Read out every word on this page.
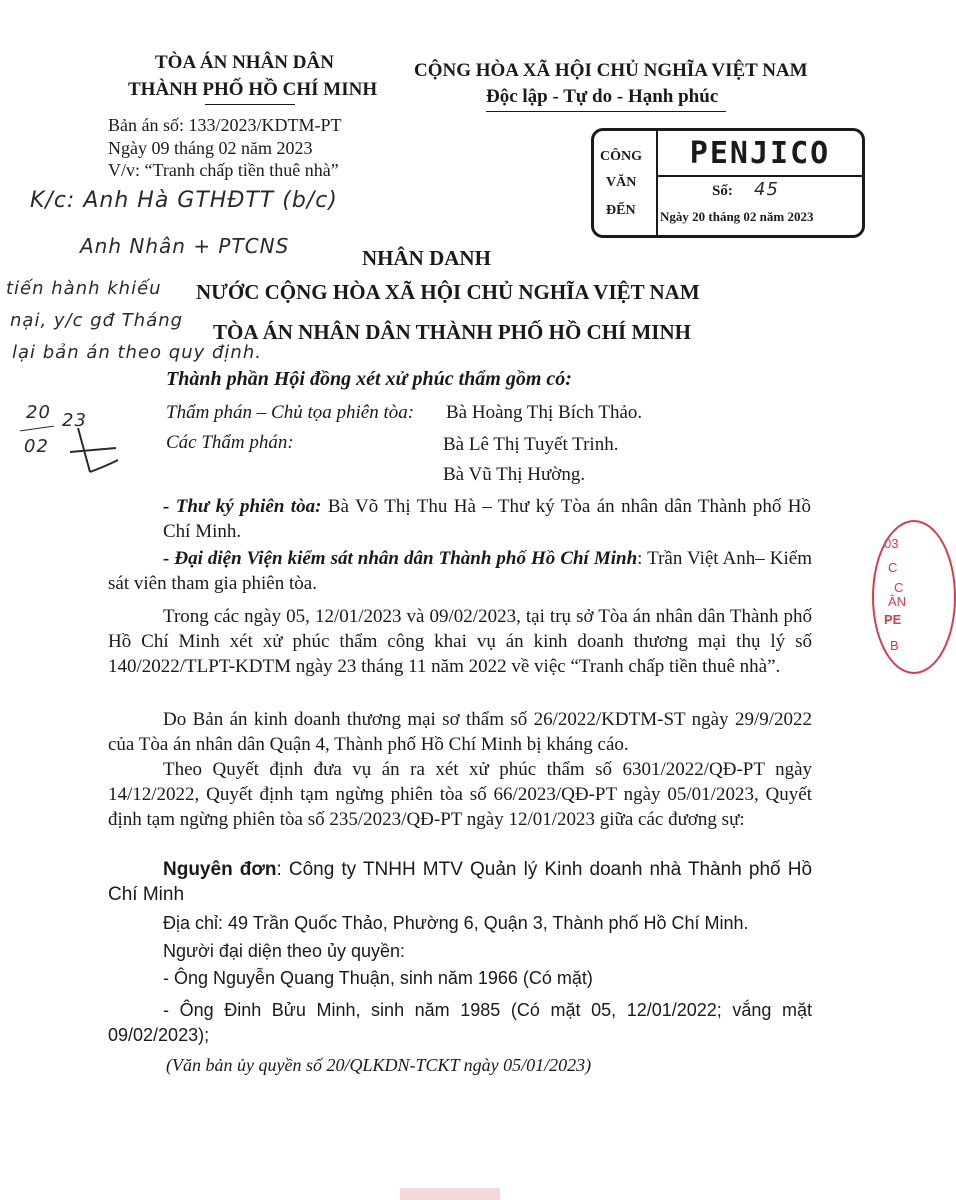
TÒA ÁN NHÂN DÂN
THÀNH PHỐ HỒ CHÍ MINH
Bản án số: 133/2023/KDTM-PT
Ngày 09 tháng 02 năm 2023
V/v: “Tranh chấp tiền thuê nhà”
CỘNG HÒA XÃ HỘI CHỦ NGHĨA VIỆT NAM
Độc lập - Tự do - Hạnh phúc
CÔNG
VĂN
ĐẾN
PENJICO
Số: 45
Ngày 20 tháng 02 năm 2023
K/c: Anh Hà GTHĐTT (b/c)
Anh Nhân + PTCNS
tiến hành khiếu
nại, y/c gđ Tháng
lại bản án theo quy định.
20 23
02
NHÂN DANH
NƯỚC CỘNG HÒA XÃ HỘI CHỦ NGHĨA VIỆT NAM
TÒA ÁN NHÂN DÂN THÀNH PHỐ HỒ CHÍ MINH
Thành phần Hội đồng xét xử phúc thẩm gồm có:
Thẩm phán – Chủ tọa phiên tòa: Bà Hoàng Thị Bích Thảo.
Các Thẩm phán:	Bà Lê Thị Tuyết Trinh.
Bà Vũ Thị Hường.
- Thư ký phiên tòa: Bà Võ Thị Thu Hà – Thư ký Tòa án nhân dân Thành phố Hồ Chí Minh.
- Đại diện Viện kiểm sát nhân dân Thành phố Hồ Chí Minh: Trần Việt Anh– Kiểm sát viên tham gia phiên tòa.
Trong các ngày 05, 12/01/2023 và 09/02/2023, tại trụ sở Tòa án nhân dân Thành phố Hồ Chí Minh xét xử phúc thẩm công khai vụ án kinh doanh thương mại thụ lý số 140/2022/TLPT-KDTM ngày 23 tháng 11 năm 2022 về việc “Tranh chấp tiền thuê nhà”.
Do Bản án kinh doanh thương mại sơ thẩm số 26/2022/KDTM-ST ngày 29/9/2022 của Tòa án nhân dân Quận 4, Thành phố Hồ Chí Minh bị kháng cáo.
Theo Quyết định đưa vụ án ra xét xử phúc thẩm số 6301/2022/QĐ-PT ngày 14/12/2022, Quyết định tạm ngừng phiên tòa số 66/2023/QĐ-PT ngày 05/01/2023, Quyết định tạm ngừng phiên tòa số 235/2023/QĐ-PT ngày 12/01/2023 giữa các đương sự:
Nguyên đơn: Công ty TNHH MTV Quản lý Kinh doanh nhà Thành phố Hồ Chí Minh
Địa chỉ: 49 Trần Quốc Thảo, Phường 6, Quận 3, Thành phố Hồ Chí Minh.
Người đại diện theo ủy quyền:
- Ông Nguyễn Quang Thuận, sinh năm 1966 (Có mặt)
- Ông Đinh Bửu Minh, sinh năm 1985 (Có mặt 05, 12/01/2022; vắng mặt 09/02/2023);
(Văn bản ủy quyền số 20/QLKDN-TCKT ngày 05/01/2023)
03
C
C
ÂN
PE
B
